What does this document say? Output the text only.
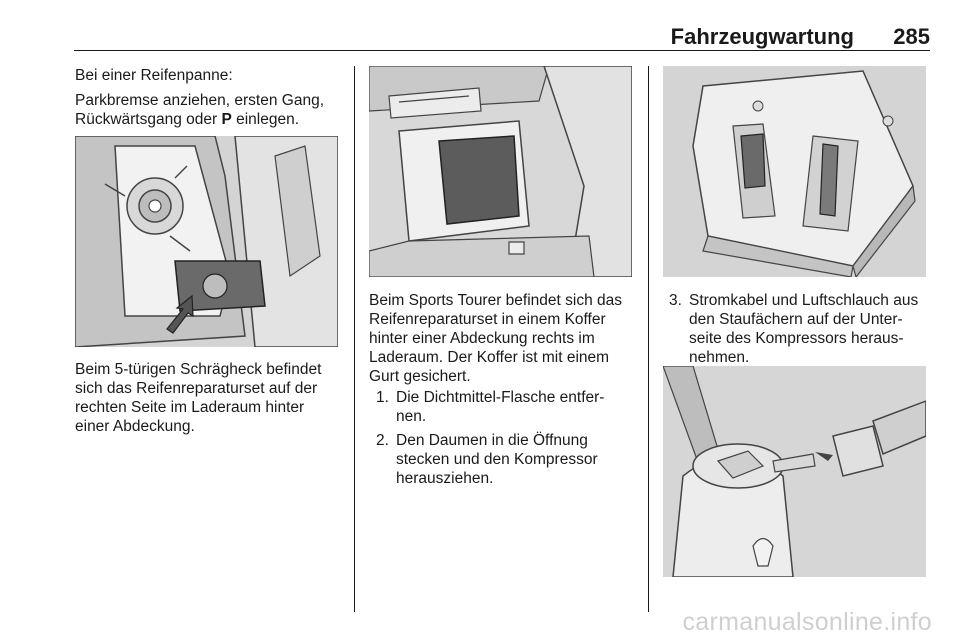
Fahrzeugwartung 285

Bei einer Reifenpanne:

Parkbremse anziehen, ersten Gang,
Rückwärtsgang oder P einlegen.

Beim 5-türigen Schrägheck befindet

sich das Reifenreparaturset auf der

rechten Seite im Laderaum hinter

einer Abdeckung.

Beim Sports Tourer befindet sich das

Reifenreparaturset in einem Koffer

hinter einer Abdeckung rechts im

Laderaum. Der Koffer ist mit einem

Gurt gesichert.

1. Die Dichtmittel-Flasche entfer-
nen.
2. Den Daumen in die Öffnung
stecken und den Kompressor
herausziehen.
3. Stromkabel und Luftschlauch aus
den Staufächern auf der Unter-
seite des Kompressors heraus-
nehmen.
carmanualsonline.info
